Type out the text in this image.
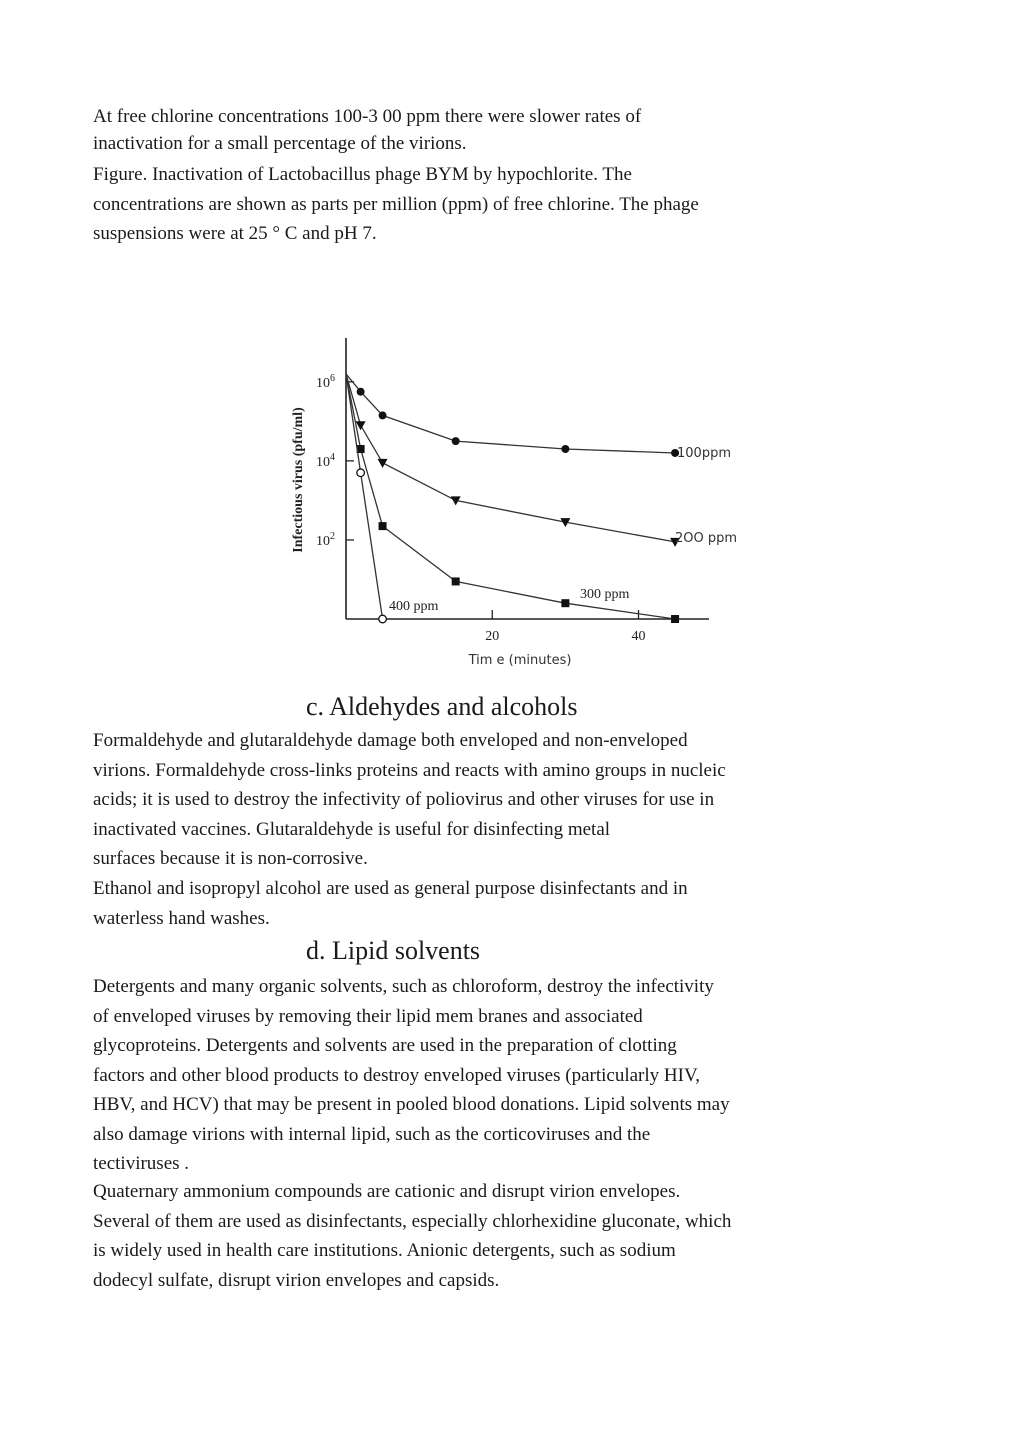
At free chlorine concentrations 100-3 00 ppm there were slower rates of
inactivation for a small percentage of the virions.

Figure. Inactivation of Lactobacillus phage BYM by hypochlorite. The
concentrations are shown as parts per million (ppm) of free chlorine. The phage
suspensions were at 25 ° C and pH 7.

$10^6$
$10^4$
$10^2$
20	40
Tim e (minutes)
Infectious virus (pfu/ml)	100ppm
2OO ppm
300 ppm
400 ppm
c. Aldehydes and alcohols

Formaldehyde and glutaraldehyde damage both enveloped and non-enveloped
virions. Formaldehyde cross-links proteins and reacts with amino groups in nucleic
acids; it is used to destroy the infectivity of poliovirus and other viruses for use in
inactivated vaccines. Glutaraldehyde is useful for disinfecting metal
surfaces because it is non-corrosive.

Ethanol and isopropyl alcohol are used as general purpose disinfectants and in
waterless hand washes.

d. Lipid solvents

Detergents and many organic solvents, such as chloroform, destroy the infectivity
of enveloped viruses by removing their lipid mem branes and associated
glycoproteins. Detergents and solvents are used in the preparation of clotting
factors and other blood products to destroy enveloped viruses (particularly HIV,
HBV, and HCV) that may be present in pooled blood donations. Lipid solvents may
also damage virions with internal lipid, such as the corticoviruses and the
tectiviruses .

Quaternary ammonium compounds are cationic and disrupt virion envelopes.
Several of them are used as disinfectants, especially chlorhexidine gluconate, which
is widely used in health care institutions. Anionic detergents, such as sodium
dodecyl sulfate, disrupt virion envelopes and capsids.
